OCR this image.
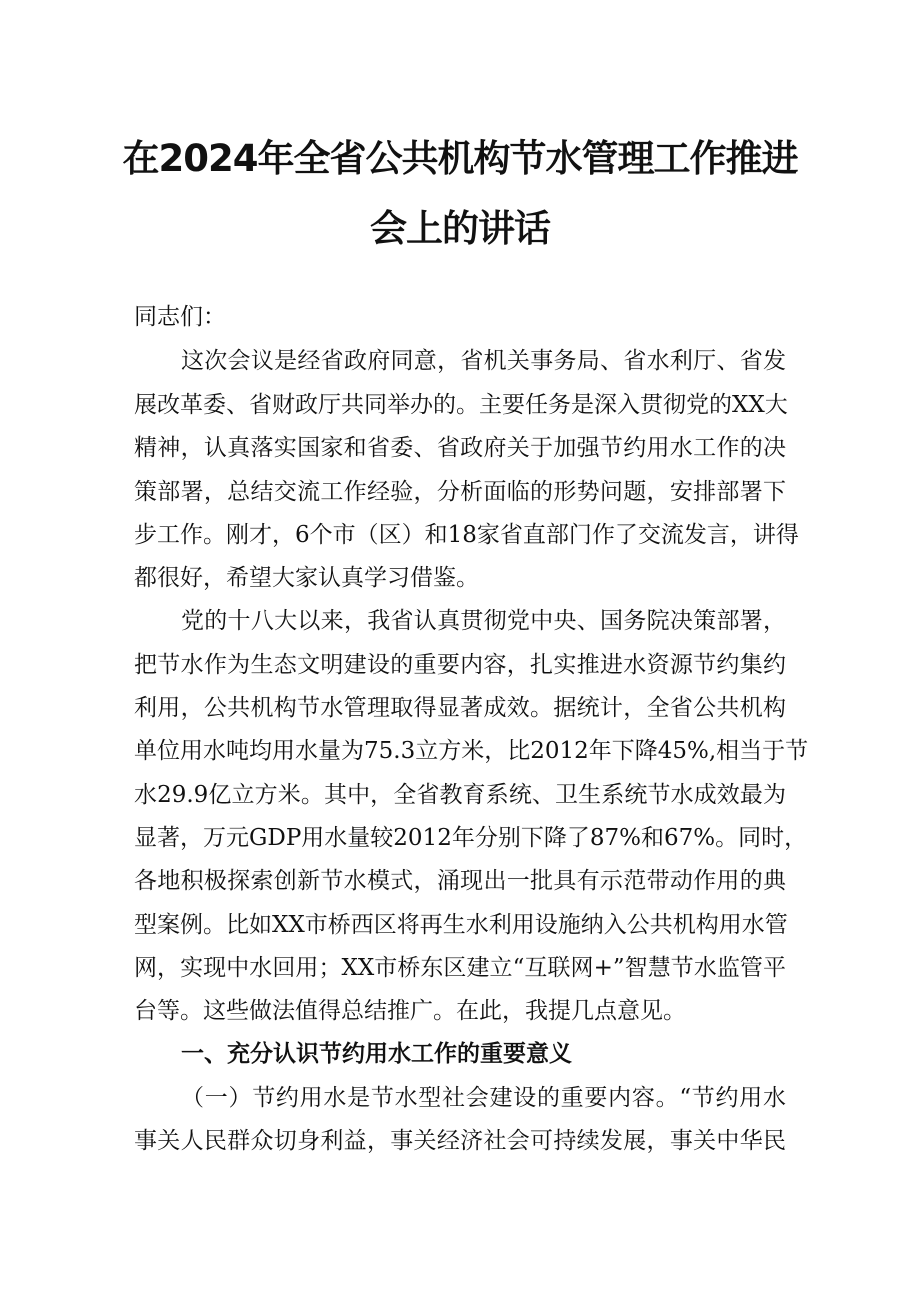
在2024年全省公共机构节水管理工作推进
会上的讲话

同志们：

这次会议是经省政府同意，省机关事务局、省水利厅、省发

展改革委、省财政厅共同举办的。主要任务是深入贯彻党的XX大

精神，认真落实国家和省委、省政府关于加强节约用水工作的决

策部署，总结交流工作经验，分析面临的形势问题，安排部署下

步工作。刚才，6个市（区）和18家省直部门作了交流发言，讲得

都很好，希望大家认真学习借鉴。

党的十八大以来，我省认真贯彻党中央、国务院决策部署，

把节水作为生态文明建设的重要内容，扎实推进水资源节约集约

利用，公共机构节水管理取得显著成效。据统计，全省公共机构

单位用水吨均用水量为75.3立方米，比2012年下降45%,相当于节

水29.9亿立方米。其中，全省教育系统、卫生系统节水成效最为

显著，万元GDP用水量较2012年分别下降了87%和67%。同时，

各地积极探索创新节水模式，涌现出一批具有示范带动作用的典

型案例。比如XX市桥西区将再生水利用设施纳入公共机构用水管

网，实现中水回用；XX市桥东区建立“互联网+”智慧节水监管平

台等。这些做法值得总结推广。在此，我提几点意见。

一、充分认识节约用水工作的重要意义

（一）节约用水是节水型社会建设的重要内容。“节约用水

事关人民群众切身利益，事关经济社会可持续发展，事关中华民
